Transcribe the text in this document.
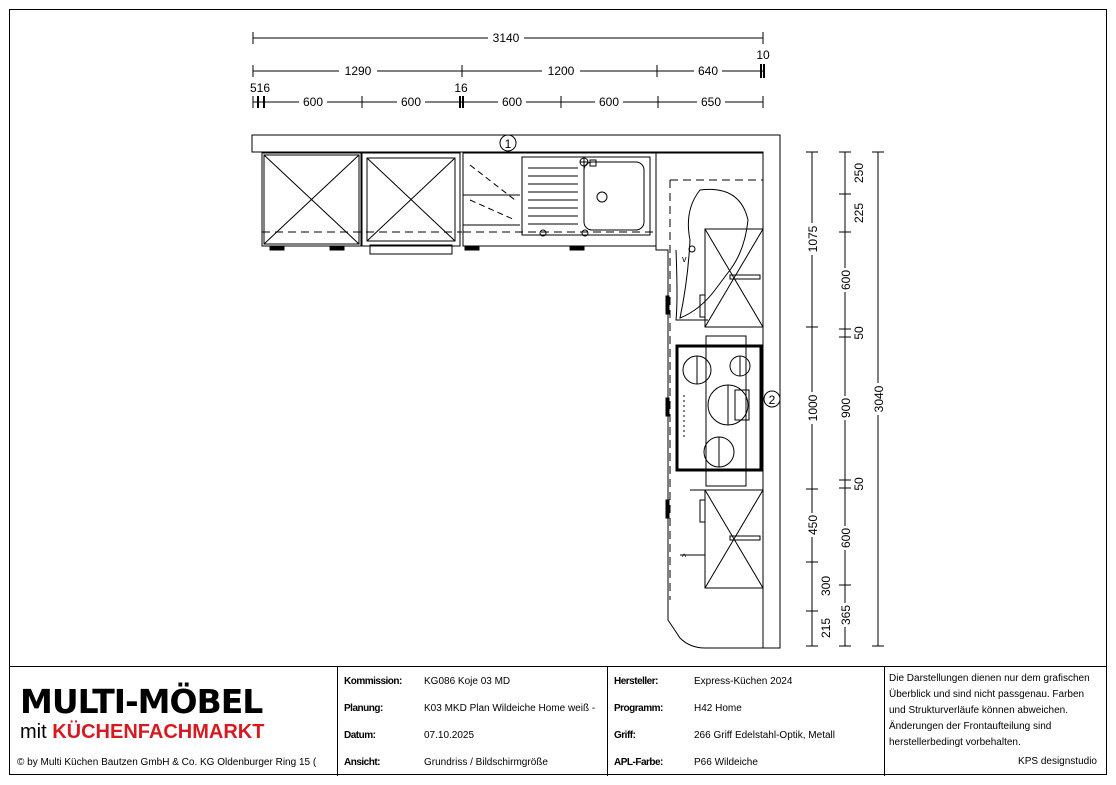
3140
10
1290	1200	640
516
600	600
16
600	600	650
1
v
^
2
1075
1000
450
300
215
250
225
600
50
900
50
600
365
3040
MULTI-MÖBEL
mit KÜCHENFACHMARKT
© by Multi Küchen Bautzen GmbH & Co. KG Oldenburger Ring 15 (
Kommission: KG086 Koje 03 MD
Planung:	K03 MKD Plan Wildeiche Home weiß -
Datum:	07.10.2025
Ansicht:	Grundriss / Bildschirmgröße
Hersteller:	Express-Küchen 2024
Programm:	H42 Home
Griff:	266 Griff Edelstahl-Optik, Metall
APL-Farbe:	P66 Wildeiche
Die Darstellungen dienen nur dem grafischen Überblick und sind nicht passgenau. Farben und Strukturverläufe können abweichen. Änderungen der Frontaufteilung sind herstellerbedingt vorbehalten.
KPS designstudio
